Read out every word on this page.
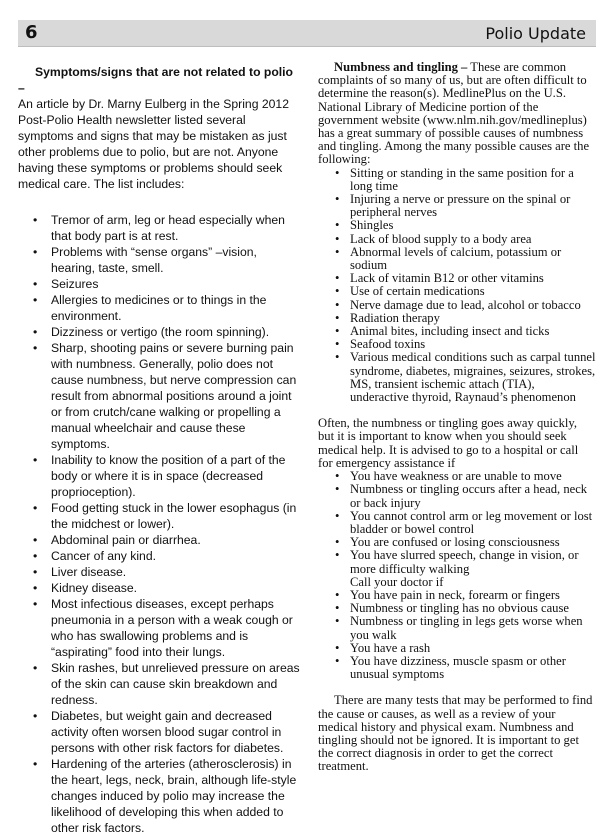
6	Polio Update

Symptoms/signs that are not related to polio –
An article by Dr. Marny Eulberg in the Spring 2012 Post-Polio Health newsletter listed several symptoms and signs that may be mistaken as just other problems due to polio, but are not. Anyone having these symptoms or problems should seek medical care. The list includes:

• Tremor of arm, leg or head especially when that body part is at rest.
• Problems with “sense organs” –vision, hearing, taste, smell.
• Seizures
• Allergies to medicines or to things in the environment.
• Dizziness or vertigo (the room spinning).
• Sharp, shooting pains or severe burning pain with numbness. Generally, polio does not cause numbness, but nerve compression can result from abnormal positions around a joint or from crutch/cane walking or propelling a manual wheelchair and cause these symptoms.
• Inability to know the position of a part of the body or where it is in space (decreased proprioception).
• Food getting stuck in the lower esophagus (in the midchest or lower).
• Abdominal pain or diarrhea.
• Cancer of any kind.
• Liver disease.
• Kidney disease.
• Most infectious diseases, except perhaps pneumonia in a person with a weak cough or who has swallowing problems and is “aspirating” food into their lungs.
• Skin rashes, but unrelieved pressure on areas of the skin can cause skin breakdown and redness.
• Diabetes, but weight gain and decreased activity often worsen blood sugar control in persons with other risk factors for diabetes.
• Hardening of the arteries (atherosclerosis) in the heart, legs, neck, brain, although life-style changes induced by polio may increase the likelihood of developing this when added to other risk factors.

Numbness and tingling – These are common complaints of so many of us, but are often difficult to determine the reason(s). MedlinePlus on the U.S. National Library of Medicine portion of the government website (www.nlm.nih.gov/medlineplus) has a great summary of possible causes of numbness and tingling. Among the many possible causes are the following:

• Sitting or standing in the same position for a long time
• Injuring a nerve or pressure on the spinal or peripheral nerves
• Shingles
• Lack of blood supply to a body area
• Abnormal levels of calcium, potassium or sodium
• Lack of vitamin B12 or other vitamins
• Use of certain medications
• Nerve damage due to lead, alcohol or tobacco
• Radiation therapy
• Animal bites, including insect and ticks
• Seafood toxins
• Various medical conditions such as carpal tunnel syndrome, diabetes, migraines, seizures, strokes, MS, transient ischemic attach (TIA), underactive thyroid, Raynaud’s phenomenon

Often, the numbness or tingling goes away quickly, but it is important to know when you should seek medical help. It is advised to go to a hospital or call for emergency assistance if

• You have weakness or are unable to move
• Numbness or tingling occurs after a head, neck or back injury
• You cannot control arm or leg movement or lost bladder or bowel control
• You are confused or losing consciousness
• You have slurred speech, change in vision, or more difficulty walking

Call your doctor if

• You have pain in neck, forearm or fingers
• Numbness or tingling has no obvious cause
• Numbness or tingling in legs gets worse when you walk
• You have a rash
• You have dizziness, muscle spasm or other unusual symptoms

There are many tests that may be performed to find the cause or causes, as well as a review of your medical history and physical exam. Numbness and tingling should not be ignored. It is important to get the correct diagnosis in order to get the correct treatment.
